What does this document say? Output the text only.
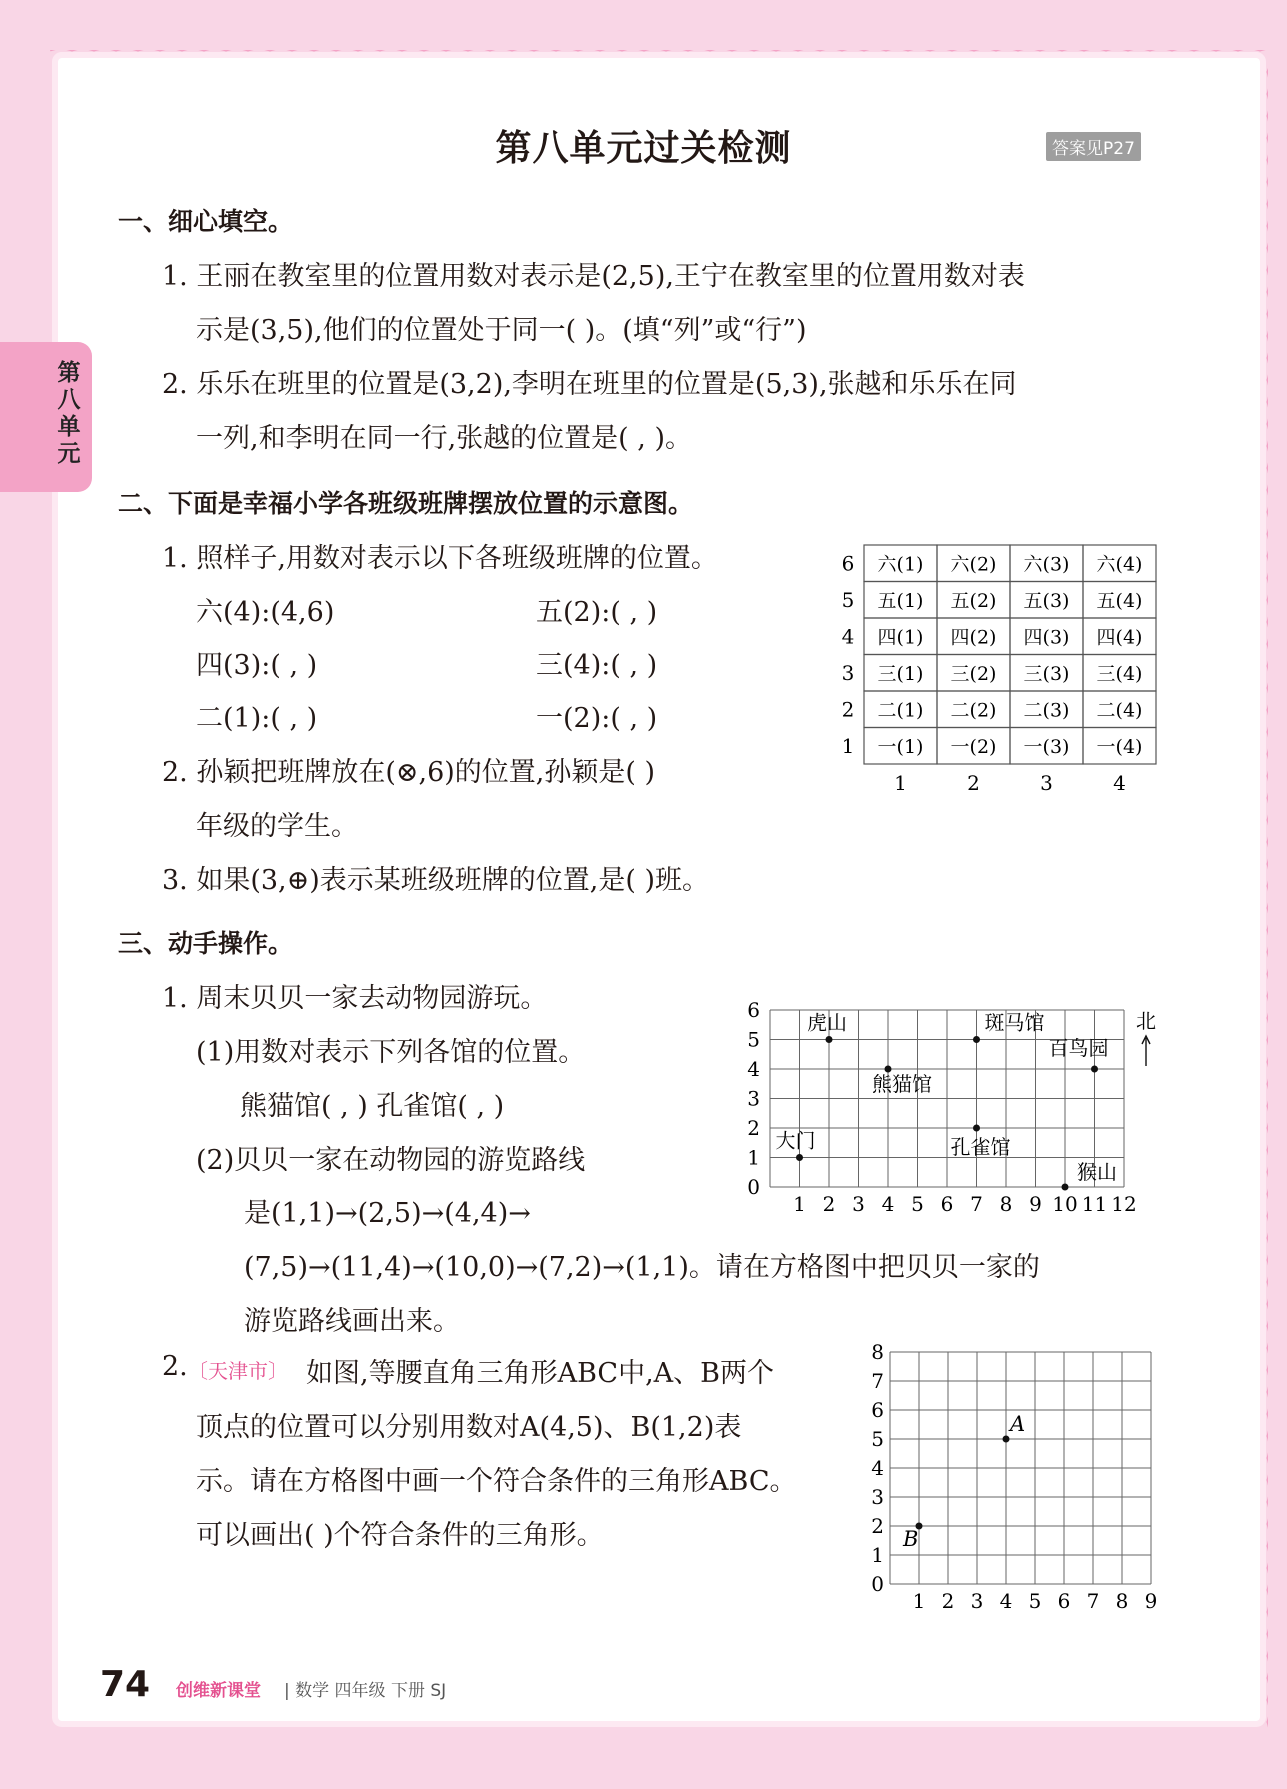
第八单元
第八单元过关检测	答案见P27
一、细心填空。
1. 王丽在教室里的位置用数对表示是(2,5),王宁在教室里的位置用数对表
示是(3,5),他们的位置处于同一( )。(填“列”或“行”)
2. 乐乐在班里的位置是(3,2),李明在班里的位置是(5,3),张越和乐乐在同
一列,和李明在同一行,张越的位置是( , )。
二、下面是幸福小学各班级班牌摆放位置的示意图。
1. 照样子,用数对表示以下各班级班牌的位置。
六(4):(4,6)	五(2):( , )
四(3):( , )	三(4):( , )
二(1):( , )	一(2):( , )
2. 孙颖把班牌放在(⊗,6)的位置,孙颖是( )
年级的学生。
3. 如果(3,⊕)表示某班级班牌的位置,是( )班。
6 六(1) 六(2) 六(3) 六(4)
5 五(1) 五(2) 五(3) 五(4)
4 四(1) 四(2) 四(3) 四(4)
3 三(1) 三(2) 三(3) 三(4)
2 二(1) 二(2) 二(3) 二(4)
1 一(1) 一(2) 一(3) 一(4)
1	2	3	4
三、动手操作。
1. 周末贝贝一家去动物园游玩。
(1)用数对表示下列各馆的位置。
熊猫馆( , ) 孔雀馆( , )
(2)贝贝一家在动物园的游览路线
是(1,1)→(2,5)→(4,4)→
(7,5)→(11,4)→(10,0)→(7,2)→(1,1)。请在方格图中把贝贝一家的
游览路线画出来。
0
1
2
3
4
5
6
1 2 3 4 5 6 7 8 9 10 11 12
虎山	斑马馆
百鸟园
熊猫馆
大门	孔雀馆
猴山
北
2. 〔天津市〕 如图,等腰直角三角形ABC中,A、B两个
顶点的位置可以分别用数对A(4,5)、B(1,2)表
示。请在方格图中画一个符合条件的三角形ABC。
可以画出( )个符合条件的三角形。
0
1
2
3
4
5
6
7
8
1 2 3 4 5 6 7 8 9
A
B
74 创维新课堂 | 数学 四年级 下册 SJ
